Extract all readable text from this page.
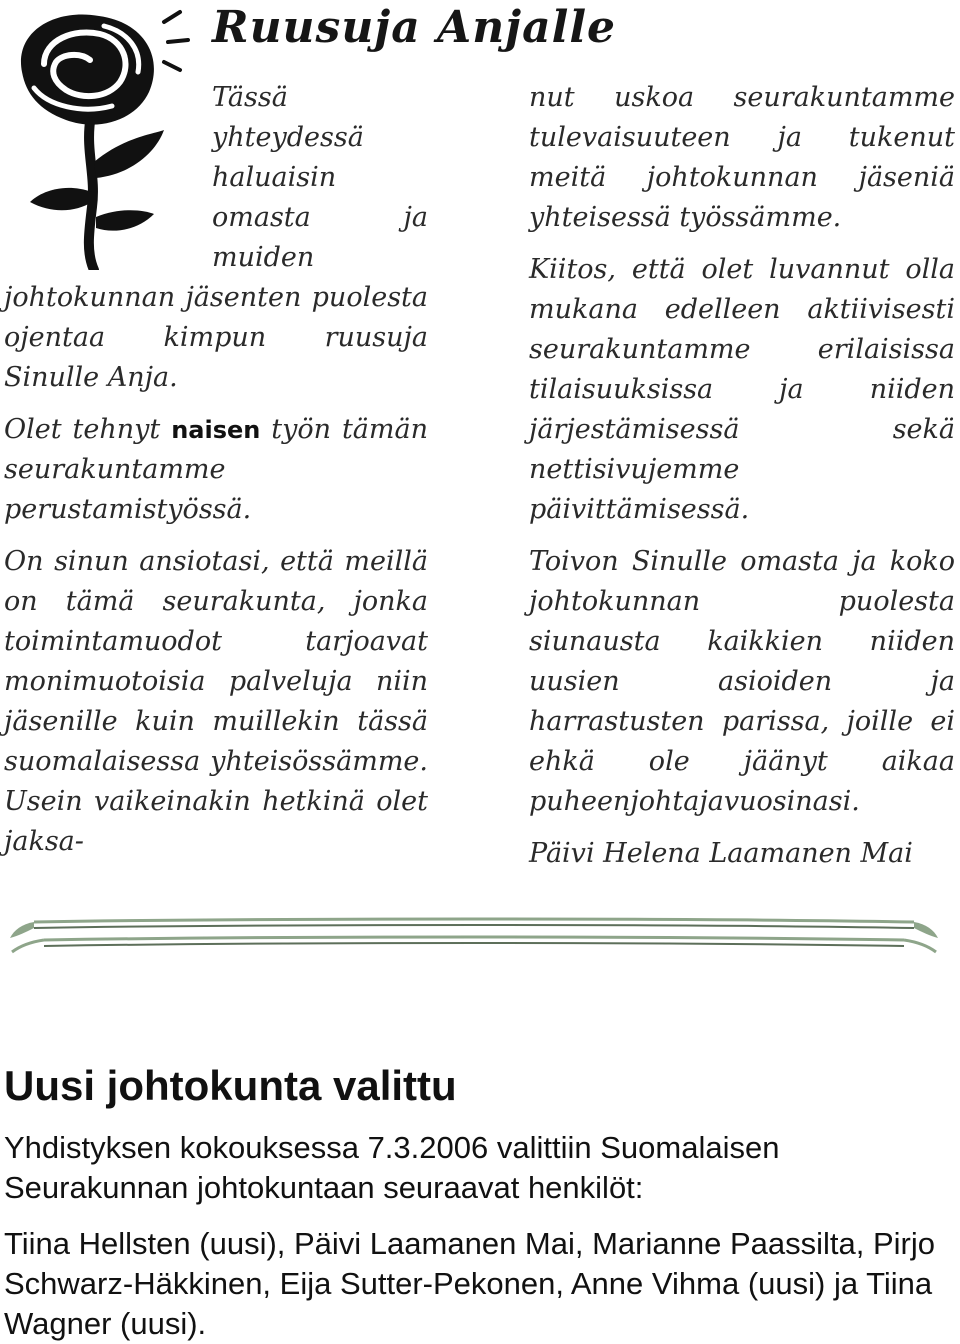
Ruusuja Anjalle

Tässä yhteydessä haluaisin omasta ja muiden johtokunnan jäsenten puolesta ojentaa kimpun ruusuja Sinulle Anja.

Olet tehnyt naisen työn tämän seurakuntamme perustamistyössä.

On sinun ansiotasi, että meillä on tämä seurakunta, jonka toimintamuodot tarjoavat monimuotoisia palveluja niin jäsenille kuin muillekin tässä suomalaisessa yhteisössämme. Usein vaikeinakin hetkinä olet jaksa-

nut uskoa seurakuntamme tulevaisuuteen ja tukenut meitä johtokunnan jäseniä yhteisessä työssämme.

Kiitos, että olet luvannut olla mukana edelleen aktiivisesti seurakuntamme erilaisissa tilaisuuksissa ja niiden järjestämisessä sekä nettisivujemme päivittämisessä.

Toivon Sinulle omasta ja koko johtokunnan puolesta siunausta kaikkien niiden uusien asioiden ja harrastusten parissa, joille ei ehkä ole jäänyt aikaa puheenjohtajavuosinasi.

Päivi Helena Laamanen Mai

Uusi johtokunta valittu

Yhdistyksen kokouksessa 7.3.2006 valittiin Suomalaisen Seurakunnan johtokuntaan seuraavat henkilöt:

Tiina Hellsten (uusi), Päivi Laamanen Mai, Marianne Paassilta, Pirjo Schwarz-Häkkinen, Eija Sutter-Pekonen, Anne Vihma (uusi) ja Tiina Wagner (uusi).
